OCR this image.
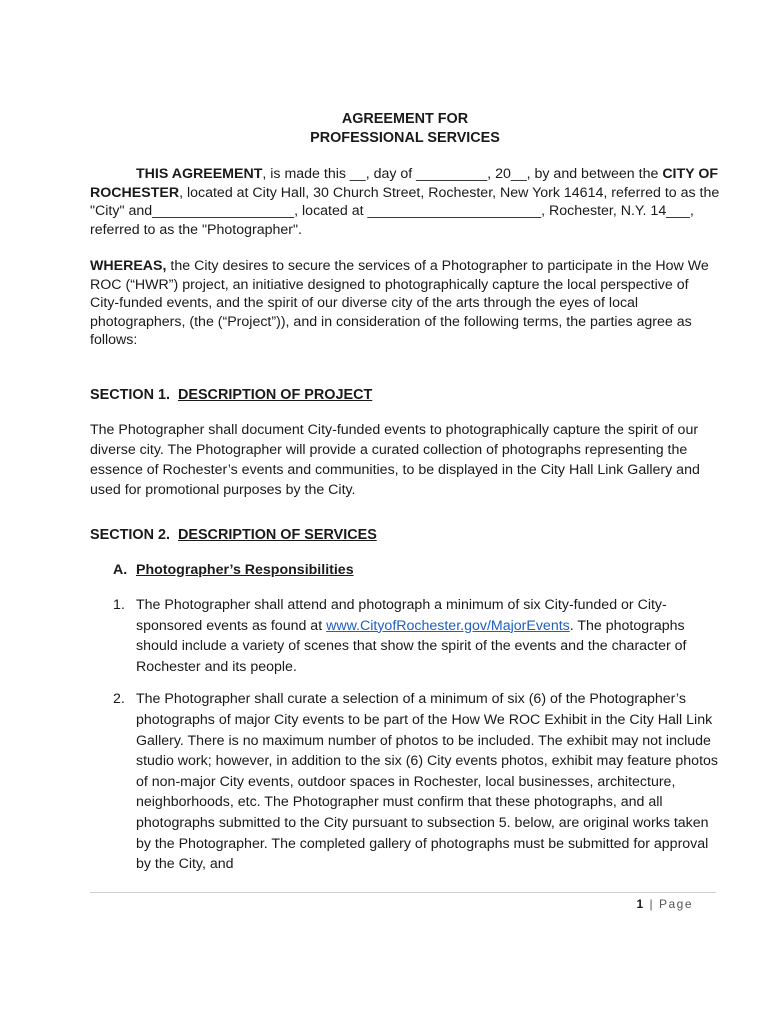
AGREEMENT FOR
PROFESSIONAL SERVICES

THIS AGREEMENT, is made this __, day of _________, 20__, by and between the CITY OF ROCHESTER, located at City Hall, 30 Church Street, Rochester, New York 14614, referred to as the "City" and__________________, located at ______________________, Rochester, N.Y. 14___, referred to as the "Photographer".

WHEREAS, the City desires to secure the services of a Photographer to participate in the How We ROC (“HWR”) project, an initiative designed to photographically capture the local perspective of City-funded events, and the spirit of our diverse city of the arts through the eyes of local photographers, (the (“Project”)), and in consideration of the following terms, the parties agree as follows:

SECTION 1. DESCRIPTION OF PROJECT

The Photographer shall document City-funded events to photographically capture the spirit of our diverse city. The Photographer will provide a curated collection of photographs representing the essence of Rochester’s events and communities, to be displayed in the City Hall Link Gallery and used for promotional purposes by the City.

SECTION 2. DESCRIPTION OF SERVICES

A. Photographer’s Responsibilities

1. The Photographer shall attend and photograph a minimum of six City-funded or City-sponsored events as found at www.CityofRochester.gov/MajorEvents. The photographs should include a variety of scenes that show the spirit of the events and the character of Rochester and its people.

2. The Photographer shall curate a selection of a minimum of six (6) of the Photographer’s photographs of major City events to be part of the How We ROC Exhibit in the City Hall Link Gallery. There is no maximum number of photos to be included. The exhibit may not include studio work; however, in addition to the six (6) City events photos, exhibit may feature photos of non-major City events, outdoor spaces in Rochester, local businesses, architecture, neighborhoods, etc. The Photographer must confirm that these photographs, and all photographs submitted to the City pursuant to subsection 5. below, are original works taken by the Photographer. The completed gallery of photographs must be submitted for approval by the City, and

1 | Page
